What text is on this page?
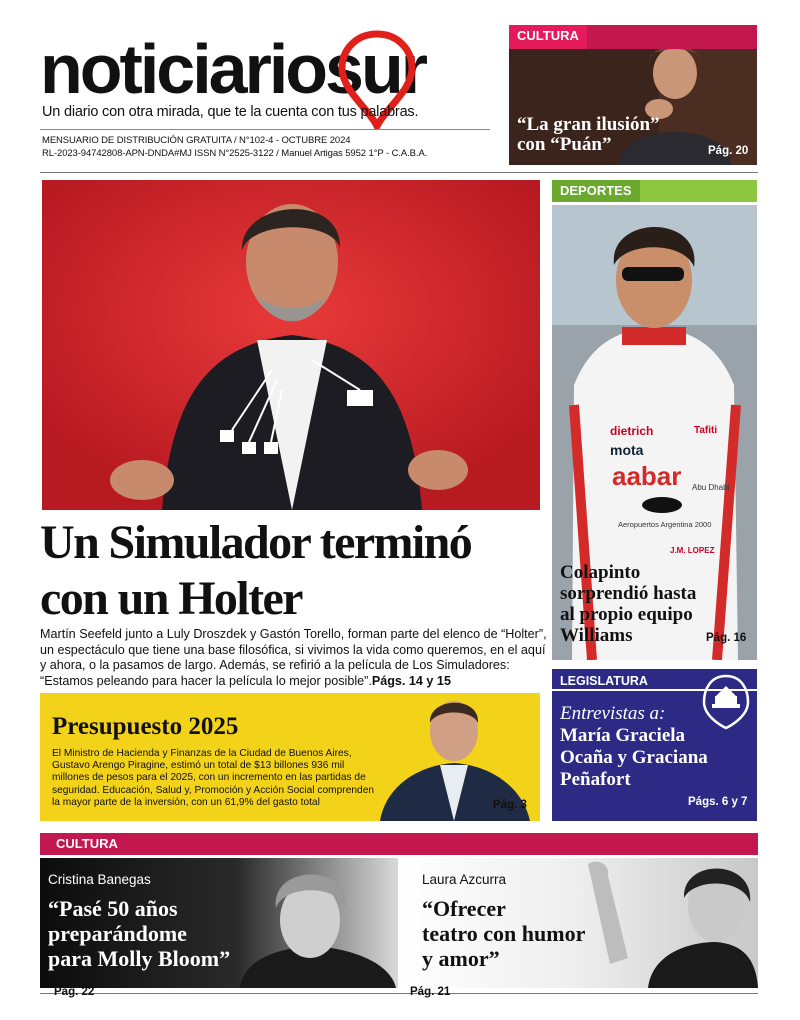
noticiariosur
Un diario con otra mirada, que te la cuenta con tus palabras.
MENSUARIO DE DISTRIBUCIÓN GRATUITA / N°102-4 - OCTUBRE 2024
RL-2023-94742808-APN-DNDA#MJ ISSN N°2525-3122 / Manuel Artigas 5952 1°P - C.A.B.A.
CULTURA
“La gran ilusión”
con “Puán”	Pág. 20
Un Simulador terminó
con un Holter
Martín Seefeld junto a Luly Droszdek y Gastón Torello, forman parte del elenco de “Holter”, un espectáculo que tiene una base filosófica, si vivimos la vida como queremos, en el aquí y ahora, o la pasamos de largo. Además, se refirió a la película de Los Simuladores: “Estamos peleando para hacer la película lo mejor posible”.Págs. 14 y 15
DEPORTES
dietrich
mota
aabar
Tafiti
Abu Dhabi
Aeropuertos Argentina 2000
J.M. LOPEZ
Colapinto
sorprendió hasta
al propio equipo
Williams	Pág. 16
Presupuesto 2025
El Ministro de Hacienda y Finanzas de la Ciudad de Buenos Aires, Gustavo Arengo Piragine, estimó un total de $13 billones 936 mil millones de pesos para el 2025, con un incremento en las partidas de seguridad. Educación, Salud y, Promoción y Acción Social comprenden la mayor parte de la inversión, con un 61,9% del gasto total	Pág. 3
LEGISLATURA
Entrevistas a:
María Graciela
Ocaña y Graciana
Peñafort
Págs. 6 y 7
CULTURA
Cristina Banegas
“Pasé 50 años
preparándome
para Molly Bloom”
Laura Azcurra
“Ofrecer
teatro con humor
y amor”
Pág. 22	Pág. 21
